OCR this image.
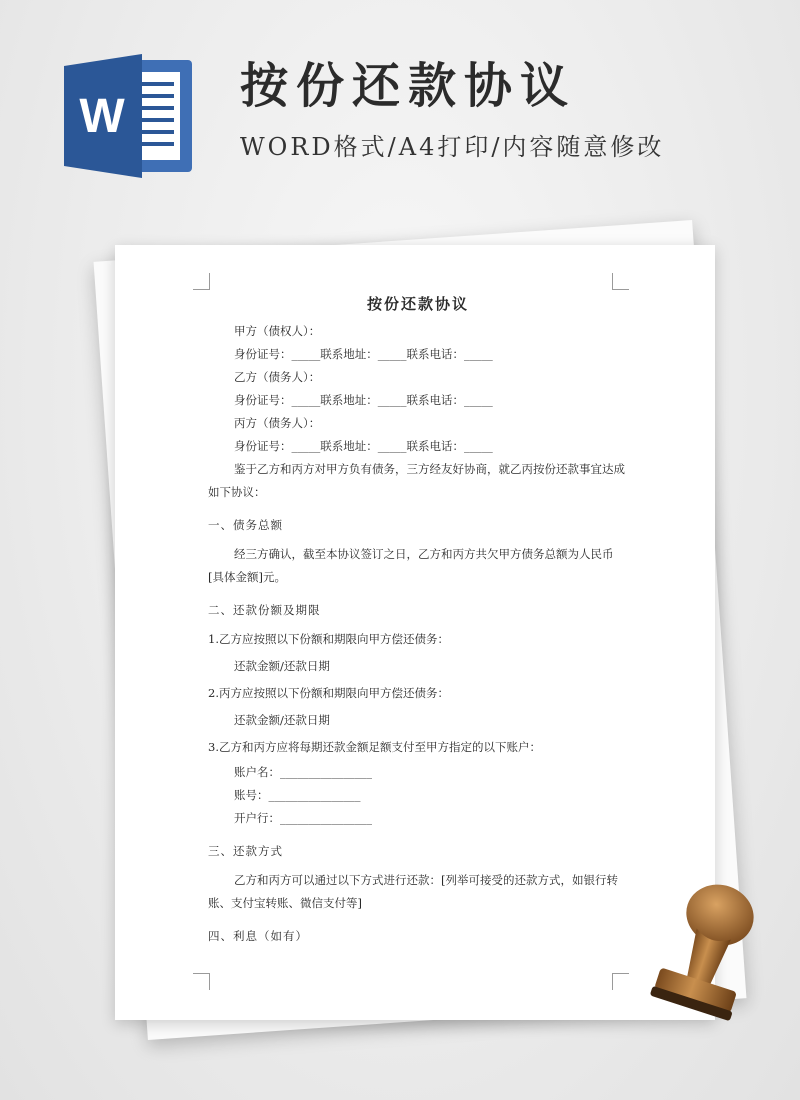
W
按份还款协议
WORD格式/A4打印/内容随意修改
按份还款协议

甲方（债权人）：

身份证号：_____联系地址：_____联系电话：_____

乙方（债务人）：

身份证号：_____联系地址：_____联系电话：_____

丙方（债务人）：

身份证号：_____联系地址：_____联系电话：_____

鉴于乙方和丙方对甲方负有债务，三方经友好协商，就乙丙按份还款事宜达成如下协议：

一、债务总额

经三方确认，截至本协议签订之日，乙方和丙方共欠甲方债务总额为人民币[具体金额]元。

二、还款份额及期限

1.乙方应按照以下份额和期限向甲方偿还债务：

还款金额/还款日期

2.丙方应按照以下份额和期限向甲方偿还债务：

还款金额/还款日期

3.乙方和丙方应将每期还款金额足额支付至甲方指定的以下账户：

账户名：________________

账号：________________

开户行：________________

三、还款方式

乙方和丙方可以通过以下方式进行还款：[列举可接受的还款方式，如银行转账、支付宝转账、微信支付等]

四、利息（如有）
